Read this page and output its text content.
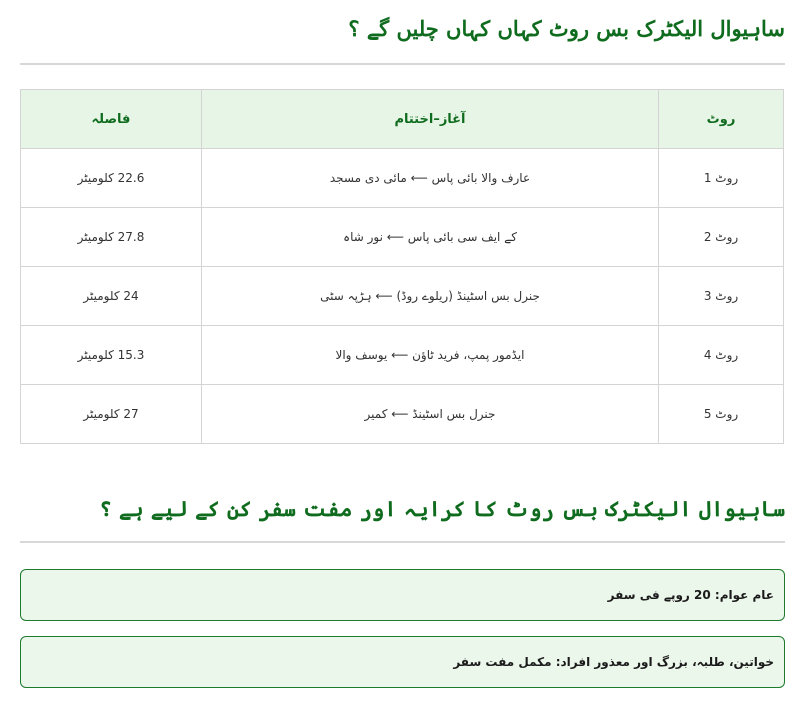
ساہیوال الیکٹرک بس روٹ کہاں کہاں چلیں گے ؟
روٹ	آغاز–اختتام	فاصلہ
روٹ 1	عارف والا بائی پاس ⟵ مائی دی مسجد	22.6 کلومیٹر
روٹ 2	کے ایف سی بائی پاس ⟵ نور شاہ	27.8 کلومیٹر
روٹ 3	جنرل بس اسٹینڈ (ریلوے روڈ) ⟵ ہڑپہ سٹی	24 کلومیٹر
روٹ 4	ایڈمور پمپ، فرید ٹاؤن ⟵ یوسف والا	15.3 کلومیٹر
روٹ 5	جنرل بس اسٹینڈ ⟵ کمیر	27 کلومیٹر
ساہیوال الیکٹرک بس روٹ کا کرایہ اور مفت سفر کن کے لیے ہے ؟
عام عوام: 20 روپے فی سفر
خواتین، طلبہ، بزرگ اور معذور افراد: مکمل مفت سفر
